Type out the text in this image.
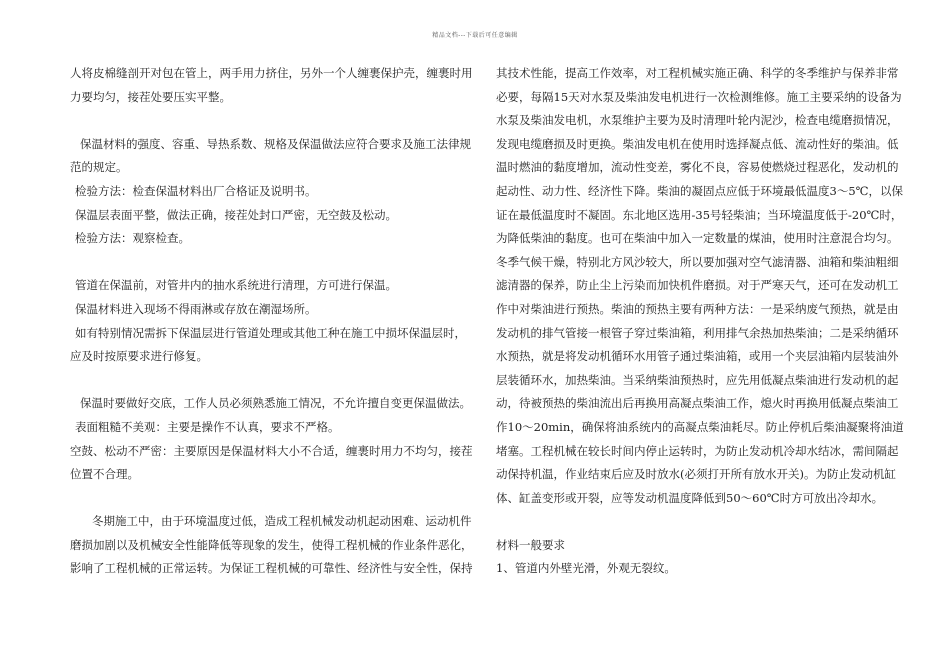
精品文档---下载后可任意编辑

人将皮棉缝剖开对包在管上，两手用力挤住，另外一个人缠裹保护壳，缠裹时用

力要均匀，接茬处要压实平整。

保温材料的强度、容重、导热系数、规格及保温做法应符合要求及施工法律规

范的规定。

检验方法：检查保温材料出厂合格证及说明书。

保温层表面平整，做法正确，接茬处封口严密，无空鼓及松动。

检验方法：观察检查。

管道在保温前，对管井内的抽水系统进行清理，方可进行保温。

保温材料进入现场不得雨淋或存放在潮湿场所。

如有特别情况需拆下保温层进行管道处理或其他工种在施工中损坏保温层时，

应及时按原要求进行修复。

保温时要做好交底，工作人员必须熟悉施工情况，不允许擅自变更保温做法。

表面粗糙不美观：主要是操作不认真，要求不严格。

空鼓、松动不严密：主要原因是保温材料大小不合适，缠裹时用力不均匀，接茬

位置不合理。

冬期施工中，由于环境温度过低，造成工程机械发动机起动困难、运动机件

磨损加剧以及机械安全性能降低等现象的发生，使得工程机械的作业条件恶化，

影响了工程机械的正常运转。为保证工程机械的可靠性、经济性与安全性，保持

其技术性能，提高工作效率，对工程机械实施正确、科学的冬季维护与保养非常

必要，每隔15天对水泵及柴油发电机进行一次检测维修。施工主要采纳的设备为

水泵及柴油发电机，水泵维护主要为及时清理叶轮内泥沙，检查电缆磨损情况，

发现电缆磨损及时更换。柴油发电机在使用时选择凝点低、流动性好的柴油。低

温时燃油的黏度增加，流动性变差，雾化不良，容易使燃烧过程恶化，发动机的

起动性、动力性、经济性下降。柴油的凝固点应低于环境最低温度3～5℃，以保

证在最低温度时不凝固。东北地区选用-35号轻柴油；当环境温度低于-20℃时，

为降低柴油的黏度。也可在柴油中加入一定数量的煤油，使用时注意混合均匀。

冬季气候干燥，特别北方风沙较大，所以要加强对空气滤清器、油箱和柴油粗细

滤清器的保养，防止尘上污染而加快机件磨损。对于严寒天气，还可在发动机工

作中对柴油进行预热。柴油的预热主要有两种方法：一是采纳废气预热，就是由

发动机的排气管接一根管子穿过柴油箱，利用排气余热加热柴油；二是采纳循环

水预热，就是将发动机循环水用管子通过柴油箱，或用一个夹层油箱内层装油外

层装循环水，加热柴油。当采纳柴油预热时，应先用低凝点柴油进行发动机的起

动，待被预热的柴油流出后再换用高凝点柴油工作，熄火时再换用低凝点柴油工

作10～20min，确保将油系统内的高凝点柴油耗尽。防止停机后柴油凝聚将油道

堵塞。工程机械在较长时间内停止运转时，为防止发动机冷却水结冰，需间隔起

动保持机温，作业结束后应及时放水(必须打开所有放水开关)。为防止发动机缸

体、缸盖变形或开裂，应等发动机温度降低到50～60℃时方可放出冷却水。

材料一般要求

1、管道内外壁光滑，外观无裂纹。
